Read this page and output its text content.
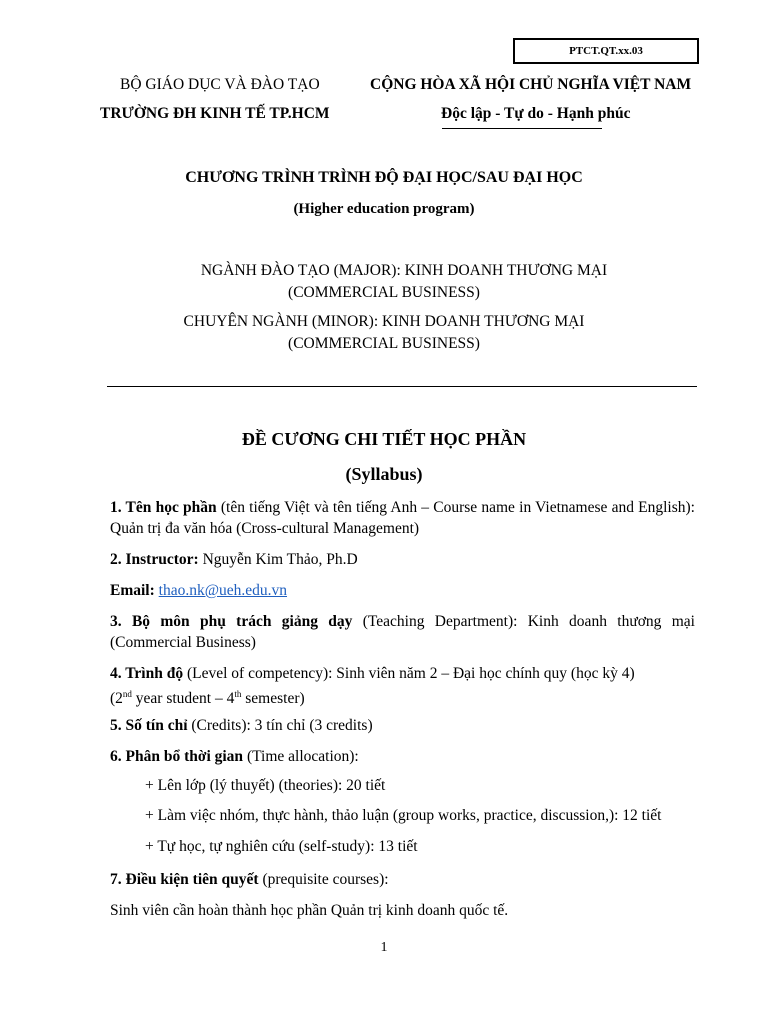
PTCT.QT.xx.03
BỘ GIÁO DỤC VÀ ĐÀO TẠO
TRƯỜNG ĐH KINH TẾ TP.HCM
CỘNG HÒA XÃ HỘI CHỦ NGHĨA VIỆT NAM
Độc lập - Tự do - Hạnh phúc
CHƯƠNG TRÌNH TRÌNH ĐỘ ĐẠI HỌC/SAU ĐẠI HỌC
(Higher education program)
NGÀNH ĐÀO TẠO (MAJOR): KINH DOANH THƯƠNG MẠI
(COMMERCIAL BUSINESS)
CHUYÊN NGÀNH (MINOR): KINH DOANH THƯƠNG MẠI
(COMMERCIAL BUSINESS)
ĐỀ CƯƠNG CHI TIẾT HỌC PHẦN
(Syllabus)
1. Tên học phần (tên tiếng Việt và tên tiếng Anh – Course name in Vietnamese and English): Quản trị đa văn hóa (Cross-cultural Management)
2. Instructor: Nguyễn Kim Thảo, Ph.D
Email: thao.nk@ueh.edu.vn
3. Bộ môn phụ trách giảng dạy (Teaching Department): Kinh doanh thương mại (Commercial Business)
4. Trình độ (Level of competency): Sinh viên năm 2 – Đại học chính quy (học kỳ 4)
(2nd year student – 4th semester)
5. Số tín chỉ (Credits): 3 tín chỉ (3 credits)
6. Phân bổ thời gian (Time allocation):
+ Lên lớp (lý thuyết) (theories): 20 tiết
+ Làm việc nhóm, thực hành, thảo luận (group works, practice, discussion,): 12 tiết
+ Tự học, tự nghiên cứu (self-study): 13 tiết
7. Điều kiện tiên quyết (prequisite courses):
Sinh viên cần hoàn thành học phần Quản trị kinh doanh quốc tế.
1
